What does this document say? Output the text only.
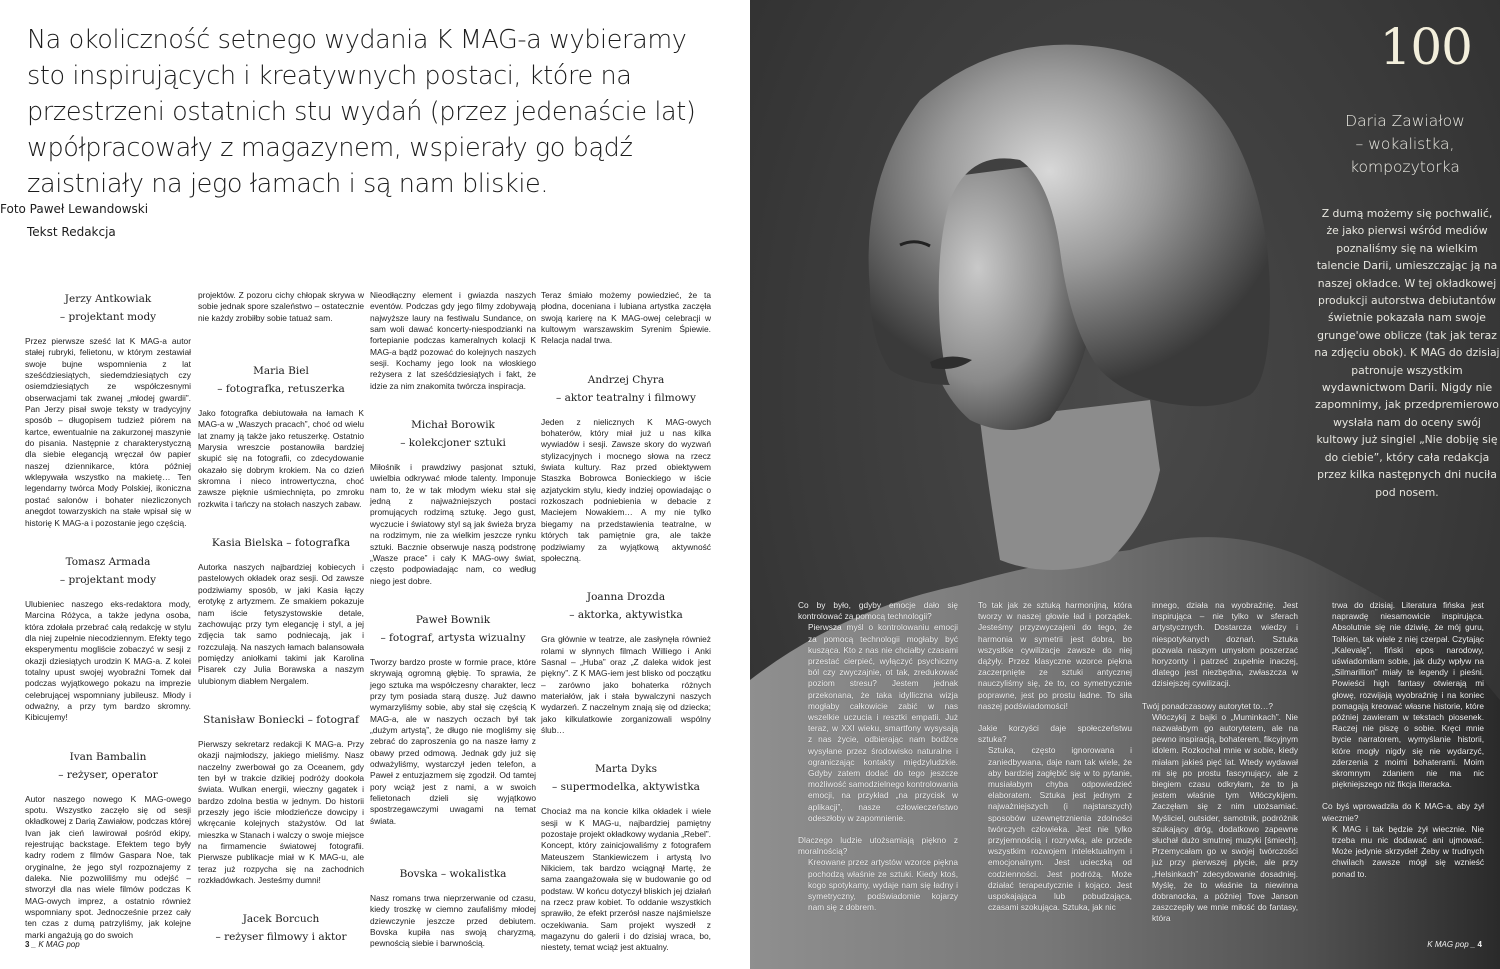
Na okoliczność setnego wydania K MAG-a wybieramy sto inspirujących i kreatywnych postaci, które na przestrzeni ostatnich stu wydań (przez jedenaście lat) wpółpracowały z magazynem, wspierały go bądź zaistniały na jego łamach i są nam bliskie.

Foto Paweł Lewandowski

Tekst Redakcja

Jerzy Antkowiak
– projektant mody

Przez pierwsze sześć lat K MAG-a autor stałej rubryki, felietonu, w którym zestawiał swoje bujne wspomnienia z lat sześćdziesiątych, siedemdziesiątych czy osiemdziesiątych ze współczesnymi obserwacjami tak zwanej „młodej gwardii”. Pan Jerzy pisał swoje teksty w tradycyjny sposób – długopisem tudzież piórem na kartce, ewentualnie na zakurzonej maszynie do pisania. Następnie z charakterystyczną dla siebie elegancją wręczał ów papier naszej dziennikarce, która później wklepywała wszystko na makietę… Ten legendarny twórca Mody Polskiej, ikoniczna postać salonów i bohater niezliczonych anegdot towarzyskich na stałe wpisał się w historię K MAG-a i pozostanie jego częścią.

Tomasz Armada
– projektant mody

Ulubieniec naszego eks-redaktora mody, Marcina Różyca, a także jedyna osoba, która zdołała przebrać całą redakcję w stylu dla niej zupełnie niecodziennym. Efekty tego eksperymentu mogliście zobaczyć w sesji z okazji dziesiątych urodzin K MAG-a. Z kolei totalny upust swojej wyobraźni Tomek dał podczas wyjątkowego pokazu na imprezie celebrującej wspomniany jubileusz. Młody i odważny, a przy tym bardzo skromny. Kibicujemy!

Ivan Bambalin
– reżyser, operator

Autor naszego nowego K MAG-owego spotu. Wszystko zaczęło się od sesji okładkowej z Darią Zawiałow, podczas której Ivan jak cień lawirował pośród ekipy, rejestrując backstage. Efektem tego były kadry rodem z filmów Gaspara Noe, tak oryginalne, że jego styl rozpoznajemy z daleka. Nie pozwoliliśmy mu odejść – stworzył dla nas wiele filmów podczas K MAG-owych imprez, a ostatnio również wspomniany spot. Jednocześnie przez cały ten czas z dumą patrzyliśmy, jak kolejne marki angażują go do swoich

projektów. Z pozoru cichy chłopak skrywa w sobie jednak spore szaleństwo – ostatecznie nie każdy zrobiłby sobie tatuaż sam.

Maria Biel
– fotografka, retuszerka

Jako fotografka debiutowała na łamach K MAG-a w „Waszych pracach”, choć od wielu lat znamy ją także jako retuszerkę. Ostatnio Marysia wreszcie postanowiła bardziej skupić się na fotografii, co zdecydowanie okazało się dobrym krokiem. Na co dzień skromna i nieco introwertyczna, choć zawsze pięknie uśmiechnięta, po zmroku rozkwita i tańczy na stołach naszych zabaw.

Kasia Bielska – fotografka

Autorka naszych najbardziej kobiecych i pastelowych okładek oraz sesji. Od zawsze podziwiamy sposób, w jaki Kasia łączy erotykę z artyzmem. Ze smakiem pokazuje nam iście fetyszystowskie detale, zachowując przy tym elegancję i styl, a jej zdjęcia tak samo podniecają, jak i rozczulają. Na naszych łamach balansowała pomiędzy aniołkami takimi jak Karolina Pisarek czy Julia Borawska a naszym ulubionym diabłem Nergalem.

Stanisław Boniecki – fotograf

Pierwszy sekretarz redakcji K MAG-a. Przy okazji najmłodszy, jakiego mieliśmy. Nasz naczelny zwerbował go za Oceanem, gdy ten był w trakcie dzikiej podróży dookoła świata. Wulkan energii, wieczny gagatek i bardzo zdolna bestia w jednym. Do historii przeszły jego iście młodzieńcze dowcipy i wkręcanie kolejnych stażystów. Od lat mieszka w Stanach i walczy o swoje miejsce na firmamencie światowej fotografii. Pierwsze publikacje miał w K MAG-u, ale teraz już rozpycha się na zachodnich rozkładówkach. Jesteśmy dumni!

Jacek Borcuch
– reżyser filmowy i aktor

Nieodłączny element i gwiazda naszych eventów. Podczas gdy jego filmy zdobywają najwyższe laury na festiwalu Sundance, on sam woli dawać koncerty-niespodzianki na fortepianie podczas kameralnych kolacji K MAG-a bądź pozować do kolejnych naszych sesji. Kochamy jego look na włoskiego reżysera z lat sześćdziesiątych i fakt, że idzie za nim znakomita twórcza inspiracja.

Michał Borowik
– kolekcjoner sztuki

Miłośnik i prawdziwy pasjonat sztuki, uwielbia odkrywać młode talenty. Imponuje nam to, że w tak młodym wieku stał się jedną z najważniejszych postaci promujących rodzimą sztukę. Jego gust, wyczucie i światowy styl są jak świeża bryza na rodzimym, nie za wielkim jeszcze rynku sztuki. Bacznie obserwuje naszą podstronę „Wasze prace” i cały K MAG-owy świat, często podpowiadając nam, co według niego jest dobre.

Paweł Bownik
– fotograf, artysta wizualny

Tworzy bardzo proste w formie prace, które skrywają ogromną głębię. To sprawia, że jego sztuka ma współczesny charakter, lecz przy tym posiada starą duszę. Już dawno wymarzyliśmy sobie, aby stał się częścią K MAG-a, ale w naszych oczach był tak „dużym artystą”, że długo nie mogliśmy się zebrać do zaproszenia go na nasze łamy z obawy przed odmową. Jednak gdy już się odważyliśmy, wystarczył jeden telefon, a Paweł z entuzjazmem się zgodził. Od tamtej pory wciąż jest z nami, a w swoich felietonach dzieli się wyjątkowo spostrzegawczymi uwagami na temat świata.

Bovska – wokalistka

Nasz romans trwa nieprzerwanie od czasu, kiedy troszkę w ciemno zaufaliśmy młodej dziewczynie jeszcze przed debiutem. Bovska kupiła nas swoją charyzmą, pewnością siebie i barwnością.

Teraz śmiało możemy powiedzieć, że ta płodna, doceniana i lubiana artystka zaczęła swoją karierę na K MAG-owej celebracji w kultowym warszawskim Syrenim Śpiewie. Relacja nadal trwa.

Andrzej Chyra
– aktor teatralny i filmowy

Jeden z nielicznych K MAG-owych bohaterów, który miał już u nas kilka wywiadów i sesji. Zawsze skory do wyzwań stylizacyjnych i mocnego słowa na rzecz świata kultury. Raz przed obiektywem Staszka Bobrowca Bonieckiego w iście azjatyckim stylu, kiedy indziej opowiadając o rozkoszach podniebienia w debacie z Maciejem Nowakiem… A my nie tylko biegamy na przedstawienia teatralne, w których tak pamiętnie gra, ale także podziwiamy za wyjątkową aktywność społeczną.

Joanna Drozda
– aktorka, aktywistka

Gra głównie w teatrze, ale zasłynęła również rolami w słynnych filmach Williego i Anki Sasnal – „Huba” oraz „Z daleka widok jest piękny”. Z K MAG-iem jest blisko od początku – zarówno jako bohaterka różnych materiałów, jak i stała bywalczyni naszych wydarzeń. Z naczelnym znają się od dziecka; jako kilkulatkowie zorganizowali wspólny ślub…

Marta Dyks
– supermodelka, aktywistka

Chociaż ma na koncie kilka okładek i wiele sesji w K MAG-u, najbardziej pamiętny pozostaje projekt okładkowy wydania „Rebel”. Koncept, który zainicjowaliśmy z fotografem Mateuszem Stankiewiczem i artystą Ivo Nikiciem, tak bardzo wciągnął Martę, że sama zaangażowała się w budowanie go od podstaw. W końcu dotyczył bliskich jej działań na rzecz praw kobiet. To oddanie wszystkich sprawiło, że efekt przerósł nasze najśmielsze oczekiwania. Sam projekt wyszedł z magazynu do galerii i do dzisiaj wraca, bo, niestety, temat wciąż jest aktualny.

3 _ K MAG pop
100
Daria Zawiałow
– wokalistka,
kompozytorka

Z dumą możemy się pochwalić, że jako pierwsi wśród mediów poznaliśmy się na wielkim talencie Darii, umieszczając ją na naszej okładce. W tej okładkowej produkcji autorstwa debiutantów świetnie pokazała nam swoje grunge'owe oblicze (tak jak teraz na zdjęciu obok). K MAG do dzisiaj patronuje wszystkim wydawnictwom Darii. Nigdy nie zapomnimy, jak przedpremierowo wysłała nam do oceny swój kultowy już singiel „Nie dobiję się do ciebie”, który cała redakcja przez kilka następnych dni nuciła pod nosem.

Co by było, gdyby emocje dało się kontrolować za pomocą technologii?
Pierwsza myśl o kontrolowaniu emocji za pomocą technologii mogłaby być kusząca. Kto z nas nie chciałby czasami przestać cierpieć, wyłączyć psychiczny ból czy zwyczajnie, ot tak, zredukować poziom stresu? Jestem jednak przekonana, że taka idylliczna wizja mogłaby całkowicie zabić w nas wszelkie uczucia i resztki empatii. Już teraz, w XXI wieku, smartfony wysysają z nas życie, odbierając nam bodźce wysyłane przez środowisko naturalne i ograniczając kontakty międzyludzkie. Gdyby zatem dodać do tego jeszcze możliwość samodzielnego kontrolowania emocji, na przykład „na przycisk w aplikacji”, nasze człowieczeństwo odeszłoby w zapomnienie.
Dlaczego ludzie utożsamiają piękno z moralnością?
Kreowane przez artystów wzorce piękna pochodzą właśnie ze sztuki. Kiedy ktoś, kogo spotykamy, wydaje nam się ładny i symetryczny, podświadomie kojarzy nam się z dobrem.
To tak jak ze sztuką harmonijną, która tworzy w naszej głowie ład i porządek. Jesteśmy przyzwyczajeni do tego, że harmonia w symetrii jest dobra, bo wszystkie cywilizacje zawsze do niej dążyły. Przez klasyczne wzorce piękna zaczerpnięte ze sztuki antycznej nauczyliśmy się, że to, co symetrycznie poprawne, jest po prostu ładne. To siła naszej podświadomości!
Jakie korzyści daje społeczeństwu sztuka?
Sztuka, często ignorowana i zaniedbywana, daje nam tak wiele, że aby bardziej zagłębić się w to pytanie, musiałabym chyba odpowiedzieć elaboratem. Sztuka jest jednym z najważniejszych (i najstarszych) sposobów uzewnętrznienia zdolności twórczych człowieka. Jest nie tylko przyjemnością i rozrywką, ale przede wszystkim rozwojem intelektualnym i emocjonalnym. Jest ucieczką od codzienności. Jest podróżą. Może działać terapeutycznie i kojąco. Jest uspokajająca lub pobudzająca, czasami szokująca. Sztuka, jak nic
innego, działa na wyobraźnię. Jest inspirująca – nie tylko w sferach artystycznych. Dostarcza wiedzy i niespotykanych doznań. Sztuka pozwala naszym umysłom poszerzać horyzonty i patrzeć zupełnie inaczej, dlatego jest niezbędna, zwłaszcza w dzisiejszej cywilizacji.
Twój ponadczasowy autorytet to…?
Włóczykij z bajki o „Muminkach”. Nie nazwałabym go autorytetem, ale na pewno inspiracją, bohaterem, fikcyjnym idolem. Rozkochał mnie w sobie, kiedy miałam jakieś pięć lat. Wtedy wydawał mi się po prostu fascynujący, ale z biegiem czasu odkryłam, że to ja jestem właśnie tym Włóczykijem. Zaczęłam się z nim utożsamiać. Myśliciel, outsider, samotnik, podróżnik szukający dróg, dodatkowo zapewne słuchał dużo smutnej muzyki [śmiech]. Przemycałam go w swojej twórczości już przy pierwszej płycie, ale przy „Helsinkach” zdecydowanie dosadniej. Myślę, że to właśnie ta niewinna dobranocka, a później Tove Janson zaszczepiły we mnie miłość do fantasy, która
trwa do dzisiaj. Literatura fińska jest naprawdę niesamowicie inspirująca. Absolutnie się nie dziwię, że mój guru, Tolkien, tak wiele z niej czerpał. Czytając „Kalevalę”, fiński epos narodowy, uświadomiłam sobie, jak duży wpływ na „Silmarillion” miały te legendy i pieśni. Powieści high fantasy otwierają mi głowę, rozwijają wyobraźnię i na koniec pomagają kreować własne historie, które później zawieram w tekstach piosenek. Raczej nie piszę o sobie. Kręci mnie bycie narratorem, wymyślanie historii, które mogły nigdy się nie wydarzyć, zderzenia z moimi bohaterami. Moim skromnym zdaniem nie ma nic piękniejszego niż fikcja literacka.
Co byś wprowadziła do K MAG-a, aby żył wiecznie?
K MAG i tak będzie żył wiecznie. Nie trzeba mu nic dodawać ani ujmować. Może jedynie skrzydeł! Żeby w trudnych chwilach zawsze mógł się wznieść ponad to.
K MAG pop _ 4
